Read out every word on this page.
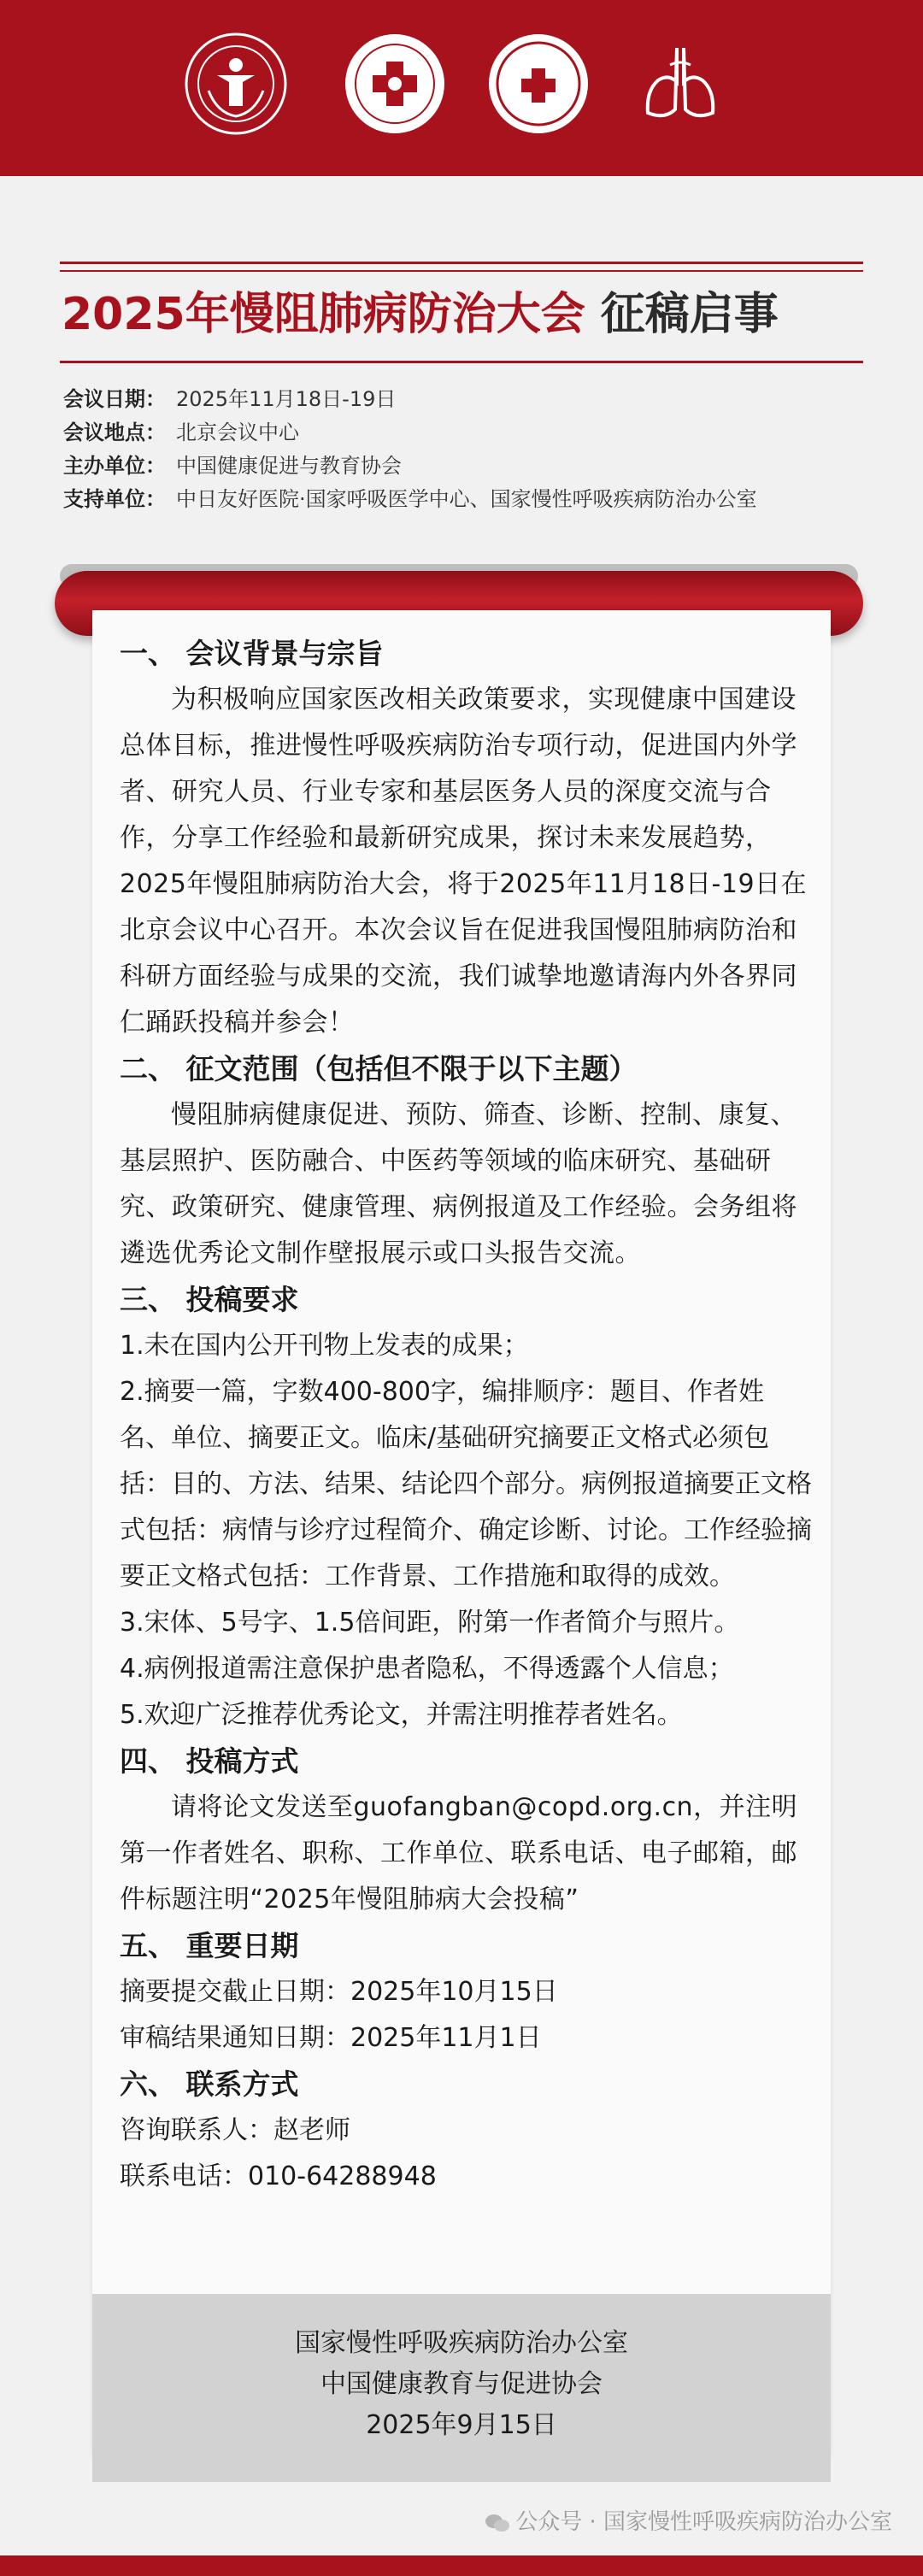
2025年慢阻肺病防治大会 征稿启事
会议日期： 2025年11月18日-19日
会议地点： 北京会议中心
主办单位： 中国健康促进与教育协会
支持单位： 中日友好医院·国家呼吸医学中心、国家慢性呼吸疾病防治办公室
一、 会议背景与宗旨
为积极响应国家医改相关政策要求，实现健康中国建设总体目标，推进慢性呼吸疾病防治专项行动，促进国内外学者、研究人员、行业专家和基层医务人员的深度交流与合作，分享工作经验和最新研究成果，探讨未来发展趋势，2025年慢阻肺病防治大会，将于2025年11月18日-19日在北京会议中心召开。本次会议旨在促进我国慢阻肺病防治和科研方面经验与成果的交流，我们诚挚地邀请海内外各界同仁踊跃投稿并参会！
二、 征文范围（包括但不限于以下主题）
慢阻肺病健康促进、预防、筛查、诊断、控制、康复、基层照护、医防融合、中医药等领域的临床研究、基础研究、政策研究、健康管理、病例报道及工作经验。会务组将遴选优秀论文制作壁报展示或口头报告交流。
三、 投稿要求
1.未在国内公开刊物上发表的成果；
2.摘要一篇，字数400-800字，编排顺序：题目、作者姓名、单位、摘要正文。临床/基础研究摘要正文格式必须包括：目的、方法、结果、结论四个部分。病例报道摘要正文格式包括：病情与诊疗过程简介、确定诊断、讨论。工作经验摘要正文格式包括：工作背景、工作措施和取得的成效。
3.宋体、5号字、1.5倍间距，附第一作者简介与照片。
4.病例报道需注意保护患者隐私，不得透露个人信息；
5.欢迎广泛推荐优秀论文，并需注明推荐者姓名。
四、 投稿方式
请将论文发送至guofangban@copd.org.cn，并注明第一作者姓名、职称、工作单位、联系电话、电子邮箱，邮件标题注明“2025年慢阻肺病大会投稿”
五、 重要日期
摘要提交截止日期：2025年10月15日
审稿结果通知日期：2025年11月1日
六、 联系方式
咨询联系人：赵老师
联系电话：010-64288948
国家慢性呼吸疾病防治办公室
中国健康教育与促进协会
2025年9月15日
公众号 · 国家慢性呼吸疾病防治办公室
